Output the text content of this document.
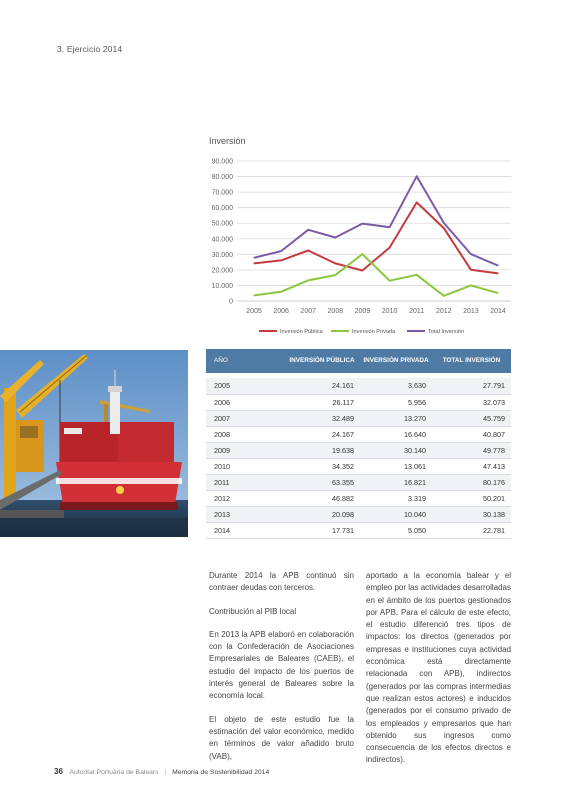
3. Ejercicio 2014
Inversión
0
10.000
20.000
30.000
40.000
50.000
60.000
70.000
80.000
90.000
2005 2006 2007 2008 2009 2010 2011 2012 2013 2014
Inversión Pública	Inversión Privada	Total Inversión
AÑO	INVERSIÓN PÚBLICA	INVERSIÓN PRIVADA	TOTAL INVERSIÓN

2005	24.161	3.630	27.791
2006	26.117	5.956	32.073
2007	32.489	13.270	45.759
2008	24.167	16.640	40.807
2009	19.638	30.140	49.778
2010	34.352	13.061	47.413
2011	63.355	16.821	80.176
2012	46.882	3.319	50.201
2013	20.098	10.040	30.138
2014	17.731	5.050	22.781

Durante 2014 la APB continuó sin contraer deudas con terceros.

Contribución al PIB local

En 2013 la APB elaboró en colaboración con la Confederación de Asociaciones Empresariales de Baleares (CAEB), el estudio del impacto de los puertos de interés general de Baleares sobre la economía local.

El objeto de este estudio fue la estimación del valor económico, medido en términos de valor añadido bruto (VAB),

aportado a la economía balear y el empleo por las actividades desarrolladas en el ámbito de los puertos gestionados por APB. Para el cálculo de este efecto, el estudio diferenció tres tipos de impactos: los directos (generados por empresas e instituciones cuya actividad económica está directamente relacionada con APB), indirectos (generados por las compras intermedias que realizan estos actores) e inducidos (generados por el consumo privado de los empleados y empresarios que han obtenido sus ingresos como consecuencia de los efectos directos e indirectos).

36 Autoritat Portuària de Balears | Memoria de Sostenibilidad 2014
